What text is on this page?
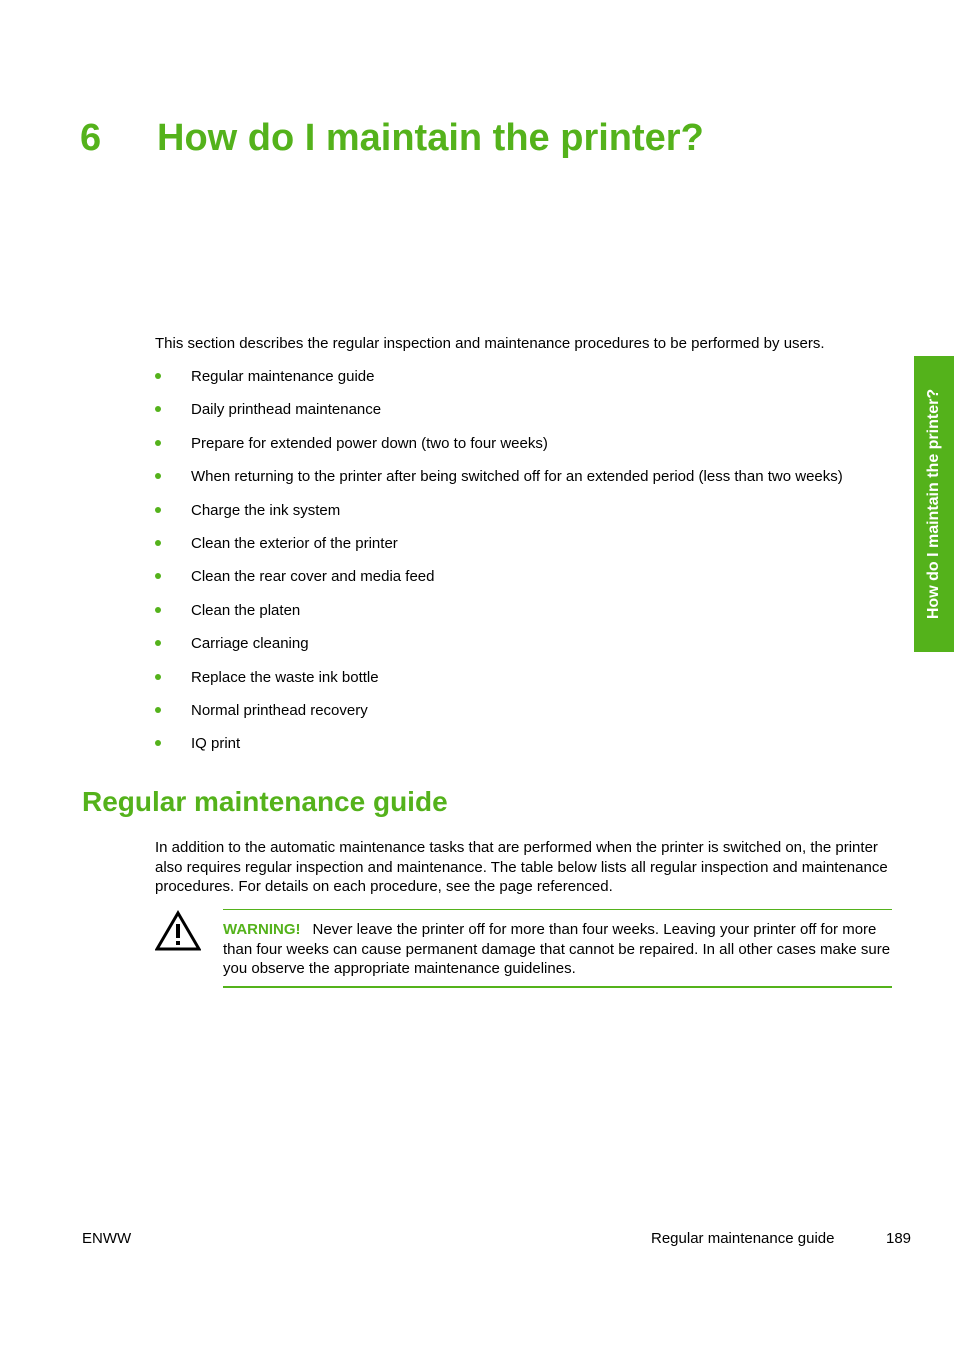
6 How do I maintain the printer?
How do I maintain the printer?

This section describes the regular inspection and maintenance procedures to be performed by users.

Regular maintenance guide
Daily printhead maintenance
Prepare for extended power down (two to four weeks)
When returning to the printer after being switched off for an extended period (less than two weeks)
Charge the ink system
Clean the exterior of the printer
Clean the rear cover and media feed
Clean the platen
Carriage cleaning
Replace the waste ink bottle
Normal printhead recovery
IQ print
Regular maintenance guide

In addition to the automatic maintenance tasks that are performed when the printer is switched on, the printer also requires regular inspection and maintenance. The table below lists all regular inspection and maintenance procedures. For details on each procedure, see the page referenced.

WARNING! Never leave the printer off for more than four weeks. Leaving your printer off for more than four weeks can cause permanent damage that cannot be repaired. In all other cases make sure you observe the appropriate maintenance guidelines.
ENWW	Regular maintenance guide	189
